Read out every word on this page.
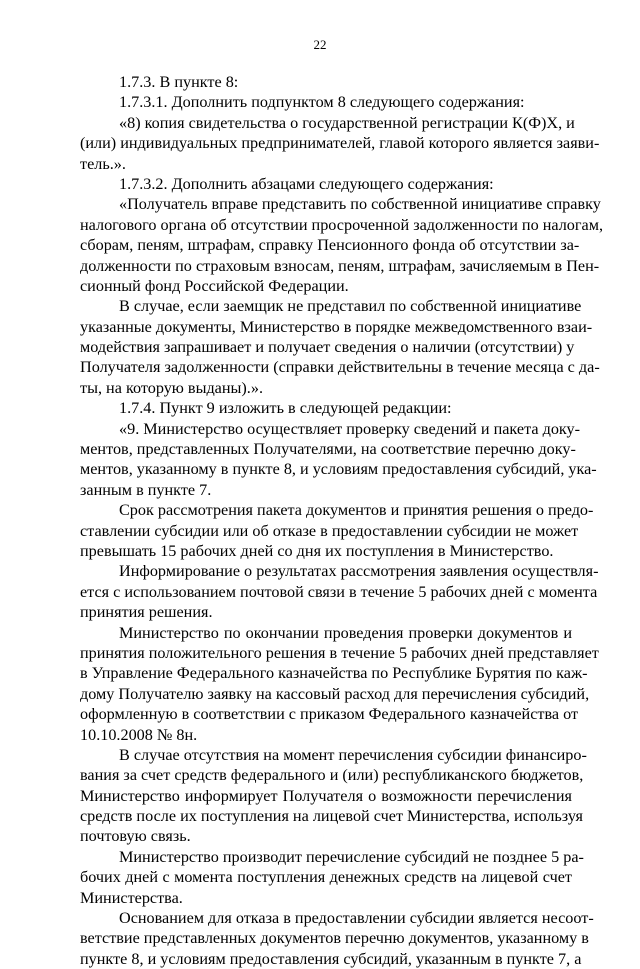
22
1.7.3. В пункте 8:
1.7.3.1. Дополнить подпунктом 8 следующего содержания:
«8) копия свидетельства о государственной регистрации К(Ф)Х, и
(или) индивидуальных предпринимателей, главой которого является заяви-
тель.».
1.7.3.2. Дополнить абзацами следующего содержания:
«Получатель вправе представить по собственной инициативе справку
налогового органа об отсутствии просроченной задолженности по налогам,
сборам, пеням, штрафам, справку Пенсионного фонда об отсутствии за-
долженности по страховым взносам, пеням, штрафам, зачисляемым в Пен-
сионный фонд Российской Федерации.
В случае, если заемщик не представил по собственной инициативе
указанные документы, Министерство в порядке межведомственного взаи-
модействия запрашивает и получает сведения о наличии (отсутствии) у
Получателя задолженности (справки действительны в течение месяца с да-
ты, на которую выданы).».
1.7.4. Пункт 9 изложить в следующей редакции:
«9. Министерство осуществляет проверку сведений и пакета доку-
ментов, представленных Получателями, на соответствие перечню доку-
ментов, указанному в пункте 8, и условиям предоставления субсидий, ука-
занным в пункте 7.
Срок рассмотрения пакета документов и принятия решения о предо-
ставлении субсидии или об отказе в предоставлении субсидии не может
превышать 15 рабочих дней со дня их поступления в Министерство.
Информирование о результатах рассмотрения заявления осуществля-
ется с использованием почтовой связи в течение 5 рабочих дней с момента
принятия решения.
Министерство по окончании проведения проверки документов и
принятия положительного решения в течение 5 рабочих дней представляет
в Управление Федерального казначейства по Республике Бурятия по каж-
дому Получателю заявку на кассовый расход для перечисления субсидий,
оформленную в соответствии с приказом Федерального казначейства от
10.10.2008 № 8н.
В случае отсутствия на момент перечисления субсидии финансиро-
вания за счет средств федерального и (или) республиканского бюджетов,
Министерство информирует Получателя о возможности перечисления
средств после их поступления на лицевой счет Министерства, используя
почтовую связь.
Министерство производит перечисление субсидий не позднее 5 ра-
бочих дней с момента поступления денежных средств на лицевой счет
Министерства.
Основанием для отказа в предоставлении субсидии является несоот-
ветствие представленных документов перечню документов, указанному в
пункте 8, и условиям предоставления субсидий, указанным в пункте 7, а
